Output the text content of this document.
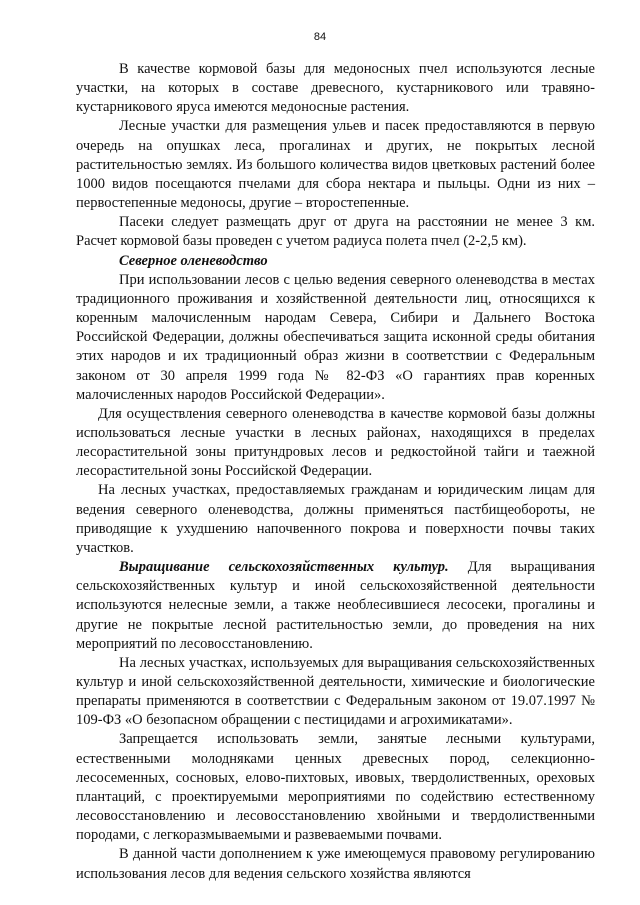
84

В качестве кормовой базы для медоносных пчел используются лесные участки, на которых в составе древесного, кустарникового или травяно-кустарникового яруса имеются медоносные растения.

Лесные участки для размещения ульев и пасек предоставляются в первую очередь на опушках леса, прогалинах и других, не покрытых лесной растительностью землях. Из большого количества видов цветковых растений более 1000 видов посещаются пчелами для сбора нектара и пыльцы. Одни из них – первостепенные медоносы, другие – второстепенные.

Пасеки следует размещать друг от друга на расстоянии не менее 3 км. Расчет кормовой базы проведен с учетом радиуса полета пчел (2-2,5 км).

Северное оленеводство

При использовании лесов с целью ведения северного оленеводства в местах традиционного проживания и хозяйственной деятельности лиц, относящихся к коренным малочисленным народам Севера, Сибири и Дальнего Востока Российской Федерации, должны обеспечиваться защита исконной среды обитания этих народов и их традиционный образ жизни в соответствии с Федеральным законом от 30 апреля 1999 года № 82-ФЗ «О гарантиях прав коренных малочисленных народов Российской Федерации».

Для осуществления северного оленеводства в качестве кормовой базы должны использоваться лесные участки в лесных районах, находящихся в пределах лесорастительной зоны притундровых лесов и редкостойной тайги и таежной лесорастительной зоны Российской Федерации.

На лесных участках, предоставляемых гражданам и юридическим лицам для ведения северного оленеводства, должны применяться пастбищеобороты, не приводящие к ухудшению напочвенного покрова и поверхности почвы таких участков.

Выращивание сельскохозяйственных культур. Для выращивания сельскохозяйственных культур и иной сельскохозяйственной деятельности используются нелесные земли, а также необлесившиеся лесосеки, прогалины и другие не покрытые лесной растительностью земли, до проведения на них мероприятий по лесовосстановлению.

На лесных участках, используемых для выращивания сельскохозяйственных культур и иной сельскохозяйственной деятельности, химические и биологические препараты применяются в соответствии с Федеральным законом от 19.07.1997 № 109-ФЗ «О безопасном обращении с пестицидами и агрохимикатами».

Запрещается использовать земли, занятые лесными культурами, естественными молодняками ценных древесных пород, селекционно-лесосеменных, сосновых, елово-пихтовых, ивовых, твердолиственных, ореховых плантаций, с проектируемыми мероприятиями по содействию естественному лесовосстановлению и лесовосстановлению хвойными и твердолиственными породами, с легкоразмываемыми и развеваемыми почвами.

В данной части дополнением к уже имеющемуся правовому регулированию использования лесов для ведения сельского хозяйства являются
